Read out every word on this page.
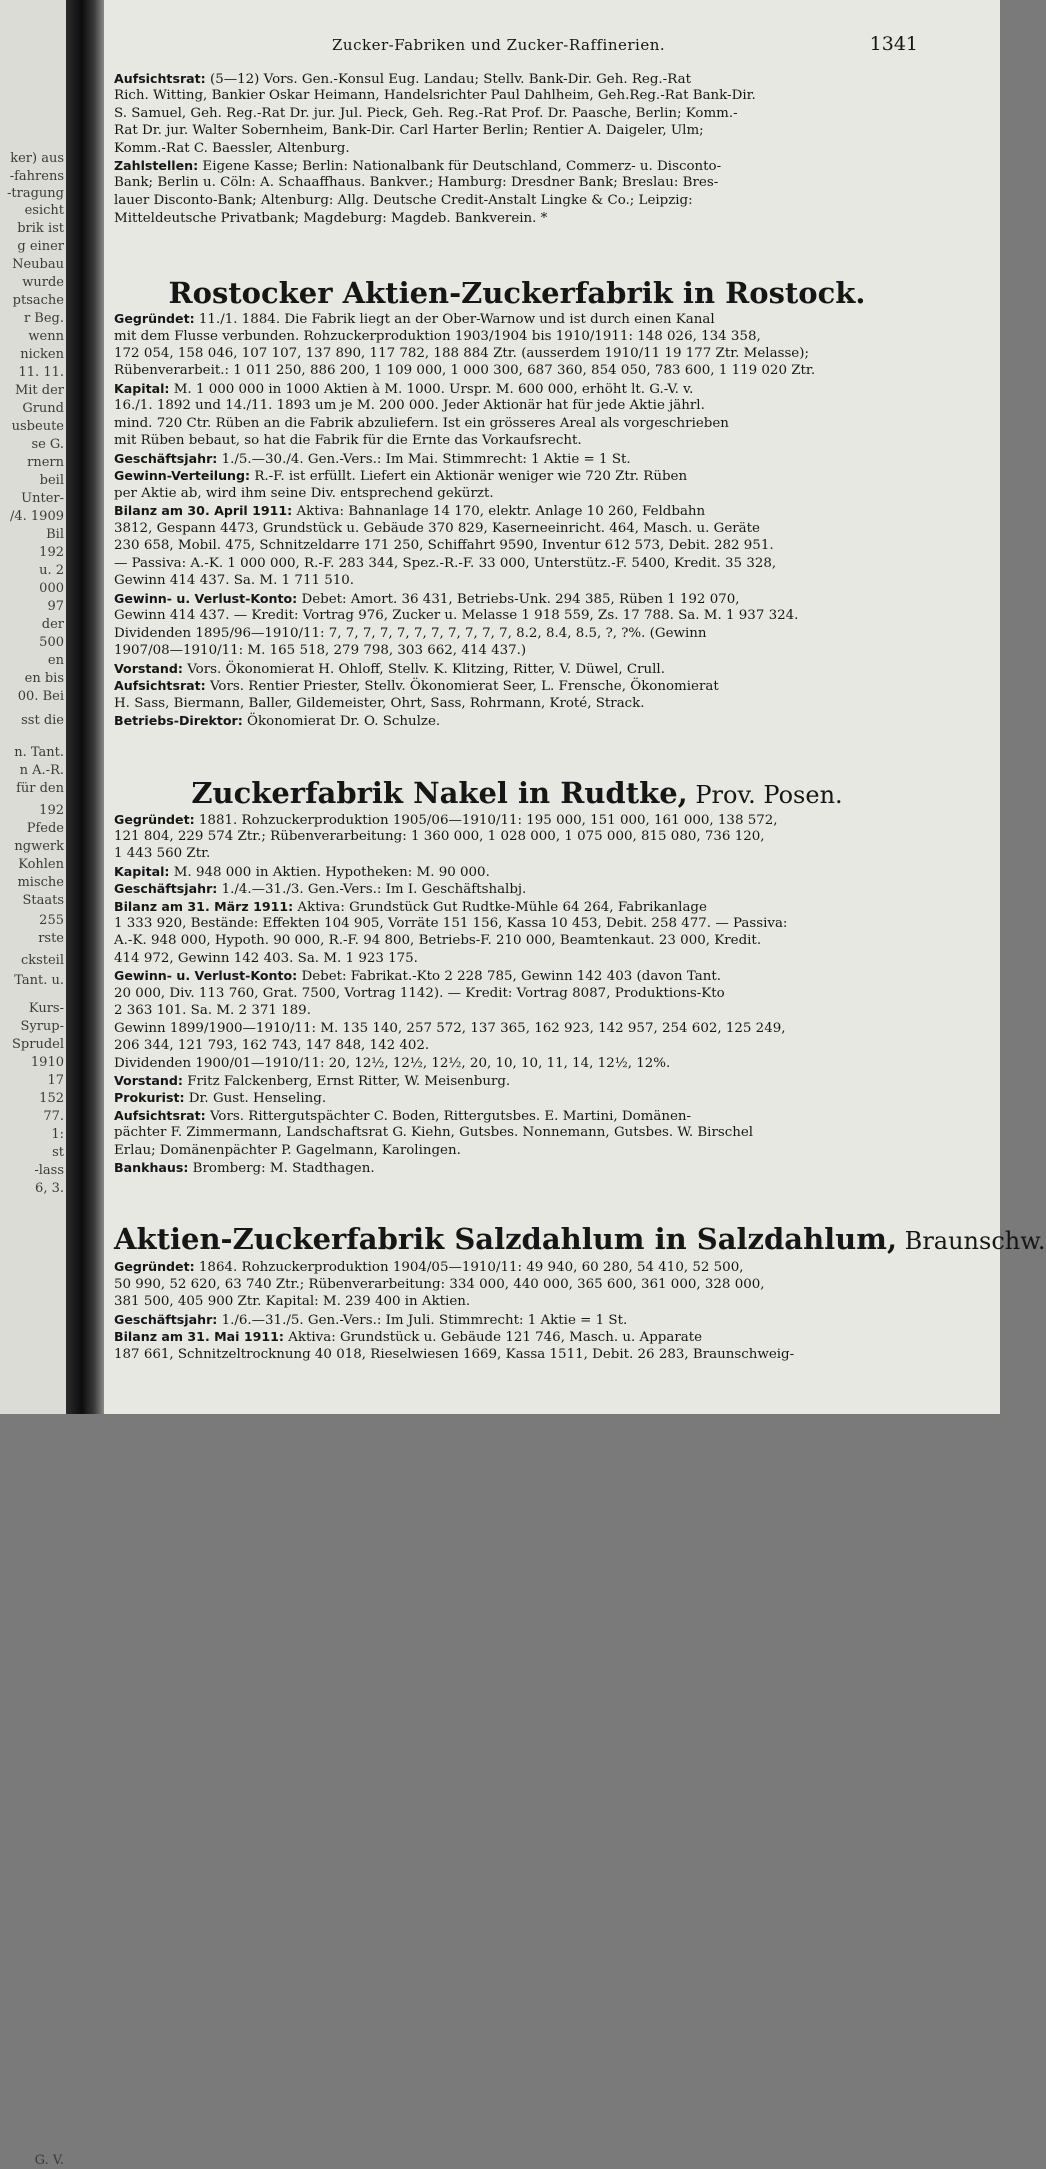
ker) aus
-fahrens
-tragung
esicht
brik ist
g einer
Neubau
wurde
ptsache
r Beg.
wenn
nicken
11. 11.
Mit der
Grund
usbeute
se G.
rnern
beil
Unter-
/4. 1909
Bil
192
u. 2
000
97
der
500
en
en bis
00. Bei
sst die
n. Tant.
n A.-R.
für den
192
Pfede
ngwerk
Kohlen
mische
Staats
255
rste
cksteil
Tant. u.
Kurs-
Syrup-
Sprudel
1910
17
152
77.
1:
st
-lass
6, 3.
G. V.
Zucker-Fabriken und Zucker-Raffinerien.	1341
Aufsichtsrat: (5—12) Vors. Gen.-Konsul Eug. Landau; Stellv. Bank-Dir. Geh. Reg.-Rat
Rich. Witting, Bankier Oskar Heimann, Handelsrichter Paul Dahlheim, Geh.Reg.-Rat Bank-Dir.
S. Samuel, Geh. Reg.-Rat Dr. jur. Jul. Pieck, Geh. Reg.-Rat Prof. Dr. Paasche, Berlin; Komm.-
Rat Dr. jur. Walter Sobernheim, Bank-Dir. Carl Harter Berlin; Rentier A. Daigeler, Ulm;
Komm.-Rat C. Baessler, Altenburg.
Zahlstellen: Eigene Kasse; Berlin: Nationalbank für Deutschland, Commerz- u. Disconto-
Bank; Berlin u. Cöln: A. Schaaffhaus. Bankver.; Hamburg: Dresdner Bank; Breslau: Bres-
lauer Disconto-Bank; Altenburg: Allg. Deutsche Credit-Anstalt Lingke & Co.; Leipzig:
Mitteldeutsche Privatbank; Magdeburg: Magdeb. Bankverein. *
Rostocker Aktien-Zuckerfabrik in Rostock.
Gegründet: 11./1. 1884. Die Fabrik liegt an der Ober-Warnow und ist durch einen Kanal
mit dem Flusse verbunden. Rohzuckerproduktion 1903/1904 bis 1910/1911: 148 026, 134 358,
172 054, 158 046, 107 107, 137 890, 117 782, 188 884 Ztr. (ausserdem 1910/11 19 177 Ztr. Melasse);
Rübenverarbeit.: 1 011 250, 886 200, 1 109 000, 1 000 300, 687 360, 854 050, 783 600, 1 119 020 Ztr.
Kapital: M. 1 000 000 in 1000 Aktien à M. 1000. Urspr. M. 600 000, erhöht lt. G.-V. v.
16./1. 1892 und 14./11. 1893 um je M. 200 000. Jeder Aktionär hat für jede Aktie jährl.
mind. 720 Ctr. Rüben an die Fabrik abzuliefern. Ist ein grösseres Areal als vorgeschrieben
mit Rüben bebaut, so hat die Fabrik für die Ernte das Vorkaufsrecht.
Geschäftsjahr: 1./5.—30./4. Gen.-Vers.: Im Mai. Stimmrecht: 1 Aktie = 1 St.
Gewinn-Verteilung: R.-F. ist erfüllt. Liefert ein Aktionär weniger wie 720 Ztr. Rüben
per Aktie ab, wird ihm seine Div. entsprechend gekürzt.
Bilanz am 30. April 1911: Aktiva: Bahnanlage 14 170, elektr. Anlage 10 260, Feldbahn
3812, Gespann 4473, Grundstück u. Gebäude 370 829, Kaserneeinricht. 464, Masch. u. Geräte
230 658, Mobil. 475, Schnitzeldarre 171 250, Schiffahrt 9590, Inventur 612 573, Debit. 282 951.
— Passiva: A.-K. 1 000 000, R.-F. 283 344, Spez.-R.-F. 33 000, Unterstütz.-F. 5400, Kredit. 35 328,
Gewinn 414 437. Sa. M. 1 711 510.
Gewinn- u. Verlust-Konto: Debet: Amort. 36 431, Betriebs-Unk. 294 385, Rüben 1 192 070,
Gewinn 414 437. — Kredit: Vortrag 976, Zucker u. Melasse 1 918 559, Zs. 17 788. Sa. M. 1 937 324.
Dividenden 1895/96—1910/11: 7, 7, 7, 7, 7, 7, 7, 7, 7, 7, 7, 8.2, 8.4, 8.5, ?, ?%. (Gewinn
1907/08—1910/11: M. 165 518, 279 798, 303 662, 414 437.)
Vorstand: Vors. Ökonomierat H. Ohloff, Stellv. K. Klitzing, Ritter, V. Düwel, Crull.
Aufsichtsrat: Vors. Rentier Priester, Stellv. Ökonomierat Seer, L. Frensche, Ökonomierat
H. Sass, Biermann, Baller, Gildemeister, Ohrt, Sass, Rohrmann, Kroté, Strack.
Betriebs-Direktor: Ökonomierat Dr. O. Schulze.
Zuckerfabrik Nakel in Rudtke, Prov. Posen.
Gegründet: 1881. Rohzuckerproduktion 1905/06—1910/11: 195 000, 151 000, 161 000, 138 572,
121 804, 229 574 Ztr.; Rübenverarbeitung: 1 360 000, 1 028 000, 1 075 000, 815 080, 736 120,
1 443 560 Ztr.
Kapital: M. 948 000 in Aktien. Hypotheken: M. 90 000.
Geschäftsjahr: 1./4.—31./3. Gen.-Vers.: Im I. Geschäftshalbj.
Bilanz am 31. März 1911: Aktiva: Grundstück Gut Rudtke-Mühle 64 264, Fabrikanlage
1 333 920, Bestände: Effekten 104 905, Vorräte 151 156, Kassa 10 453, Debit. 258 477. — Passiva:
A.-K. 948 000, Hypoth. 90 000, R.-F. 94 800, Betriebs-F. 210 000, Beamtenkaut. 23 000, Kredit.
414 972, Gewinn 142 403. Sa. M. 1 923 175.
Gewinn- u. Verlust-Konto: Debet: Fabrikat.-Kto 2 228 785, Gewinn 142 403 (davon Tant.
20 000, Div. 113 760, Grat. 7500, Vortrag 1142). — Kredit: Vortrag 8087, Produktions-Kto
2 363 101. Sa. M. 2 371 189.
Gewinn 1899/1900—1910/11: M. 135 140, 257 572, 137 365, 162 923, 142 957, 254 602, 125 249,
206 344, 121 793, 162 743, 147 848, 142 402.
Dividenden 1900/01—1910/11: 20, 12½, 12½, 12½, 20, 10, 10, 11, 14, 12½, 12%.
Vorstand: Fritz Falckenberg, Ernst Ritter, W. Meisenburg.
Prokurist: Dr. Gust. Henseling.
Aufsichtsrat: Vors. Rittergutspächter C. Boden, Rittergutsbes. E. Martini, Domänen-
pächter F. Zimmermann, Landschaftsrat G. Kiehn, Gutsbes. Nonnemann, Gutsbes. W. Birschel
Erlau; Domänenpächter P. Gagelmann, Karolingen.
Bankhaus: Bromberg: M. Stadthagen.
Aktien-Zuckerfabrik Salzdahlum in Salzdahlum, Braunschw.
Gegründet: 1864. Rohzuckerproduktion 1904/05—1910/11: 49 940, 60 280, 54 410, 52 500,
50 990, 52 620, 63 740 Ztr.; Rübenverarbeitung: 334 000, 440 000, 365 600, 361 000, 328 000,
381 500, 405 900 Ztr. Kapital: M. 239 400 in Aktien.
Geschäftsjahr: 1./6.—31./5. Gen.-Vers.: Im Juli. Stimmrecht: 1 Aktie = 1 St.
Bilanz am 31. Mai 1911: Aktiva: Grundstück u. Gebäude 121 746, Masch. u. Apparate
187 661, Schnitzeltrocknung 40 018, Rieselwiesen 1669, Kassa 1511, Debit. 26 283, Braunschweig-
